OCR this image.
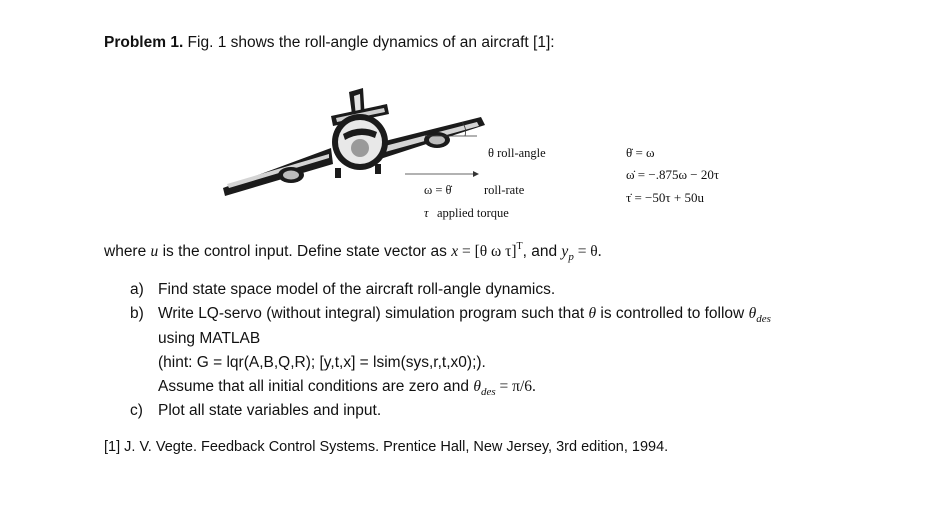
Problem 1. Fig. 1 shows the roll-angle dynamics of an aircraft [1]:
θ roll-angle
ω = θ̇	roll-rate
τ applied torque
θ̇ = ω
ω̇ = −.875ω − 20τ
τ̇ = −50τ + 50u
where u is the control input. Define state vector as x = [θ ω τ]$^T$, and $y_p = \theta$.
a) Find state space model of the aircraft roll-angle dynamics.
b) Write LQ-servo (without integral) simulation program such that θ is controlled to follow $\theta_{des}$
using MATLAB
(hint: G = lqr(A,B,Q,R); [y,t,x] = lsim(sys,r,t,x0);).
Assume that all initial conditions are zero and $\theta_{des} = \pi/6$.
c) Plot all state variables and input.
[1] J. V. Vegte. Feedback Control Systems. Prentice Hall, New Jersey, 3rd edition, 1994.
